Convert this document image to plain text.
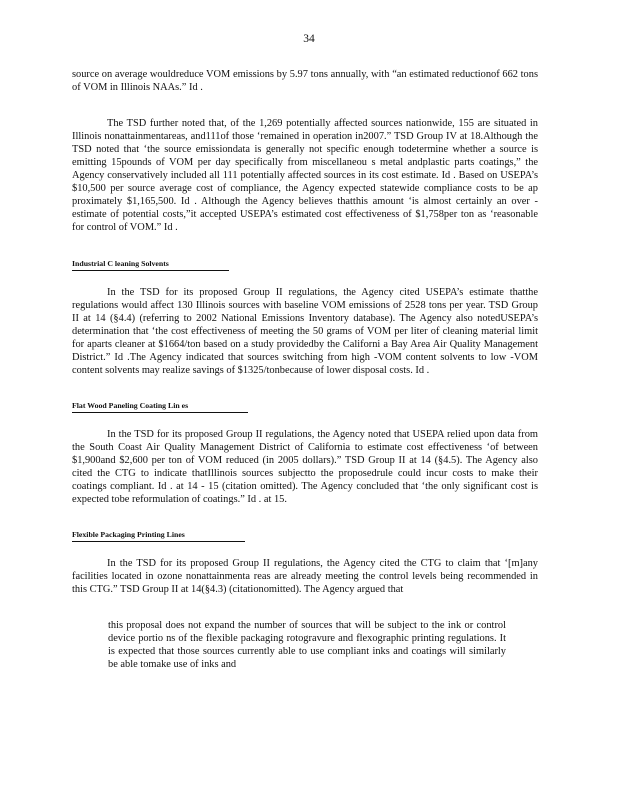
34

source on average wouldreduce VOM emissions by 5.97 tons annually, with “an estimated reductionof 662 tons of VOM in Illinois NAAs.” Id .

The TSD further noted that, of the 1,269 potentially affected sources nationwide, 155 are situated in Illinois nonattainmentareas, and111of those ‘remained in operation in2007.” TSD Group IV at 18.Although the TSD noted that ‘the source emissiondata is generally not specific enough todetermine whether a source is emitting 15pounds of VOM per day specifically from miscellaneou s metal andplastic parts coatings,” the Agency conservatively included all 111 potentially affected sources in its cost estimate. Id . Based on USEPA’s $10,500 per source average cost of compliance, the Agency expected statewide compliance costs to be ap proximately $1,165,500. Id . Although the Agency believes thatthis amount ‘is almost certainly an over -estimate of potential costs,”it accepted USEPA’s estimated cost effectiveness of $1,758per ton as ‘reasonable for control of VOM.” Id .

Industrial C leaning Solvents

In the TSD for its proposed Group II regulations, the Agency cited USEPA’s estimate thatthe regulations would affect 130 Illinois sources with baseline VOM emissions of 2528 tons per year. TSD Group II at 14 (§4.4) (referring to 2002 National Emissions Inventory database). The Agency also notedUSEPA’s determination that ‘the cost effectiveness of meeting the 50 grams of VOM per liter of cleaning material limit for aparts cleaner at $1664/ton based on a study providedby the Californi a Bay Area Air Quality Management District.” Id .The Agency indicated that sources switching from high -VOM content solvents to low -VOM content solvents may realize savings of $1325/tonbecause of lower disposal costs. Id .

Flat Wood Paneling Coating Lin es

In the TSD for its proposed Group II regulations, the Agency noted that USEPA relied upon data from the South Coast Air Quality Management District of California to estimate cost effectiveness ‘of between $1,900and $2,600 per ton of VOM reduced (in 2005 dollars).” TSD Group II at 14 (§4.5). The Agency also cited the CTG to indicate thatIllinois sources subjectto the proposedrule could incur costs to make their coatings compliant. Id . at 14 - 15 (citation omitted). The Agency concluded that ‘the only significant cost is expected tobe reformulation of coatings.” Id . at 15.

Flexible Packaging Printing Lines

In the TSD for its proposed Group II regulations, the Agency cited the CTG to claim that ‘[m]any facilities located in ozone nonattainmenta reas are already meeting the control levels being recommended in this CTG.” TSD Group II at 14(§4.3) (citationomitted). The Agency argued that

this proposal does not expand the number of sources that will be subject to the ink or control device portio ns of the flexible packaging rotogravure and flexographic printing regulations. It is expected that those sources currently able to use compliant inks and coatings will similarly be able tomake use of inks and
